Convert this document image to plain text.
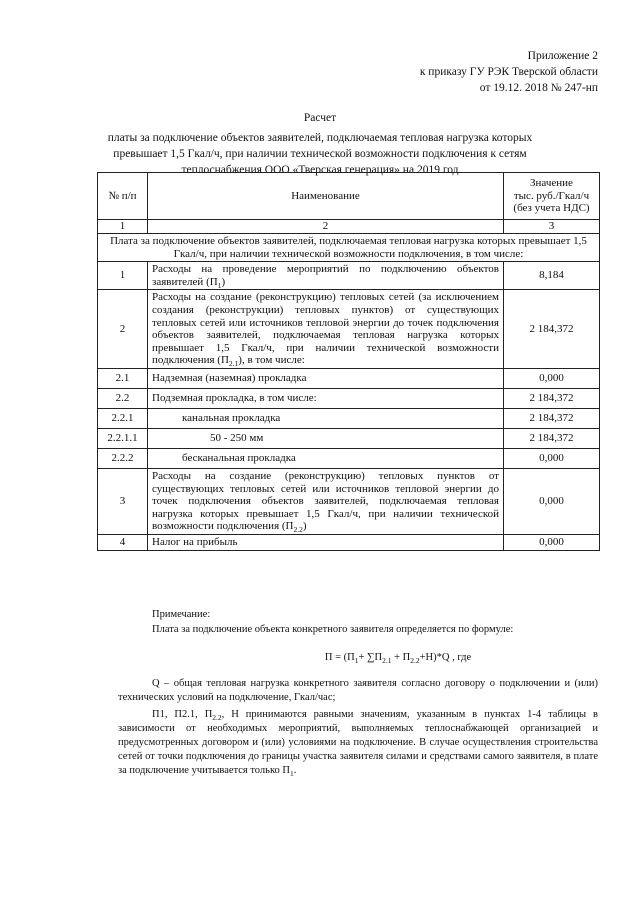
Приложение 2
к приказу ГУ РЭК Тверской области
от 19.12. 2018 № 247-нп
Расчет
платы за подключение объектов заявителей, подключаемая тепловая нагрузка которых
превышает 1,5 Гкал/ч, при наличии технической возможности подключения к сетям
теплоснабжения ООО «Тверская генерация» на 2019 год
№ п/п	Наименование	Значение
тыс. руб./Гкал/ч
(без учета НДС)

1	2	3
Плата за подключение объектов заявителей, подключаемая тепловая нагрузка которых превышает 1,5 Гкал/ч, при наличии технической возможности подключения, в том числе:		
1	Расходы на проведение мероприятий по подключению объектов заявителей $(П_1)$	8,184
2	Расходы на создание (реконструкцию) тепловых сетей (за исключением создания (реконструкции) тепловых пунктов) от существующих тепловых сетей или источников тепловой энергии до точек подключения объектов заявителей, подключаемая тепловая нагрузка которых превышает 1,5 Гкал/ч, при наличии технической возможности подключения $(П_{2.1})$, в том числе:	2 184,372
2.1	Надземная (наземная) прокладка	0,000
2.2	Подземная прокладка, в том числе:	2 184,372
2.2.1	канальная прокладка	2 184,372
2.2.1.1	50 - 250 мм	2 184,372
2.2.2	бесканальная прокладка	0,000
3	Расходы на создание (реконструкцию) тепловых пунктов от существующих тепловых сетей или источников тепловой энергии до точек подключения объектов заявителей, подключаемая тепловая нагрузка которых превышает 1,5 Гкал/ч, при наличии технической возможности подключения $(П_{2.2})$	0,000
4	Налог на прибыль	0,000
Примечание:
Плата за подключение объекта конкретного заявителя определяется по формуле:
$П = (П_1+ \sum П_{2.1} + П_{2.2}+Н)*Q$ , где

Q – общая тепловая нагрузка конкретного заявителя согласно договору о подключении и (или) технических условий на подключение, Гкал/час;

П1, П2.1, $П_{2.2}$, Н принимаются равными значениям, указанным в пунктах 1-4 таблицы в зависимости от необходимых мероприятий, выполняемых теплоснабжающей организацией и предусмотренных договором и (или) условиями на подключение. В случае осуществления строительства сетей от точки подключения до границы участка заявителя силами и средствами самого заявителя, в плате за подключение учитывается только $П_1$.
